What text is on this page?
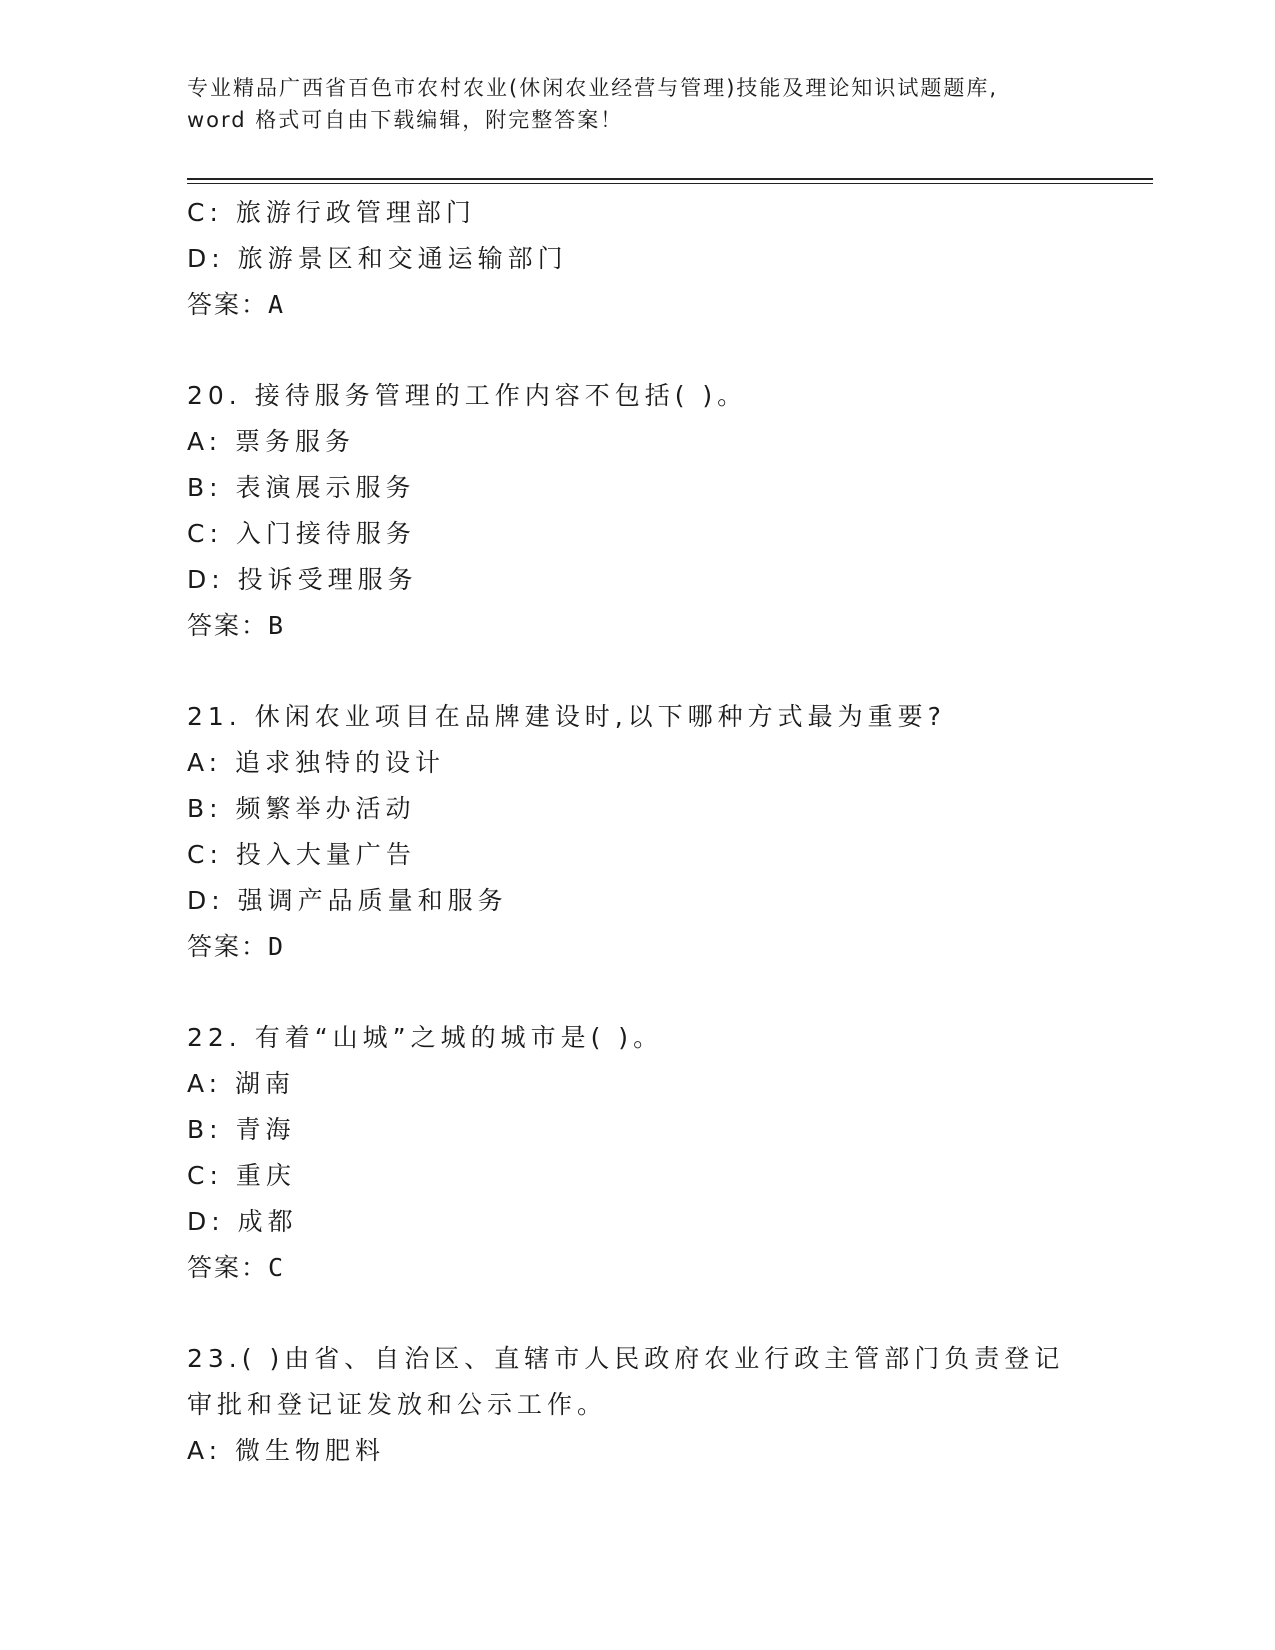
专业精品广西省百色市农村农业(休闲农业经营与管理)技能及理论知识试题题库,
word 格式可自由下载编辑，附完整答案！
C: 旅游行政管理部门
D: 旅游景区和交通运输部门
答案：A
20. 接待服务管理的工作内容不包括( )。
A: 票务服务
B: 表演展示服务
C: 入门接待服务
D: 投诉受理服务
答案：B
21. 休闲农业项目在品牌建设时,以下哪种方式最为重要?
A: 追求独特的设计
B: 频繁举办活动
C: 投入大量广告
D: 强调产品质量和服务
答案：D
22. 有着“山城”之城的城市是( )。
A: 湖南
B: 青海
C: 重庆
D: 成都
答案：C
23.( )由省、自治区、直辖市人民政府农业行政主管部门负责登记
审批和登记证发放和公示工作。
A: 微生物肥料
